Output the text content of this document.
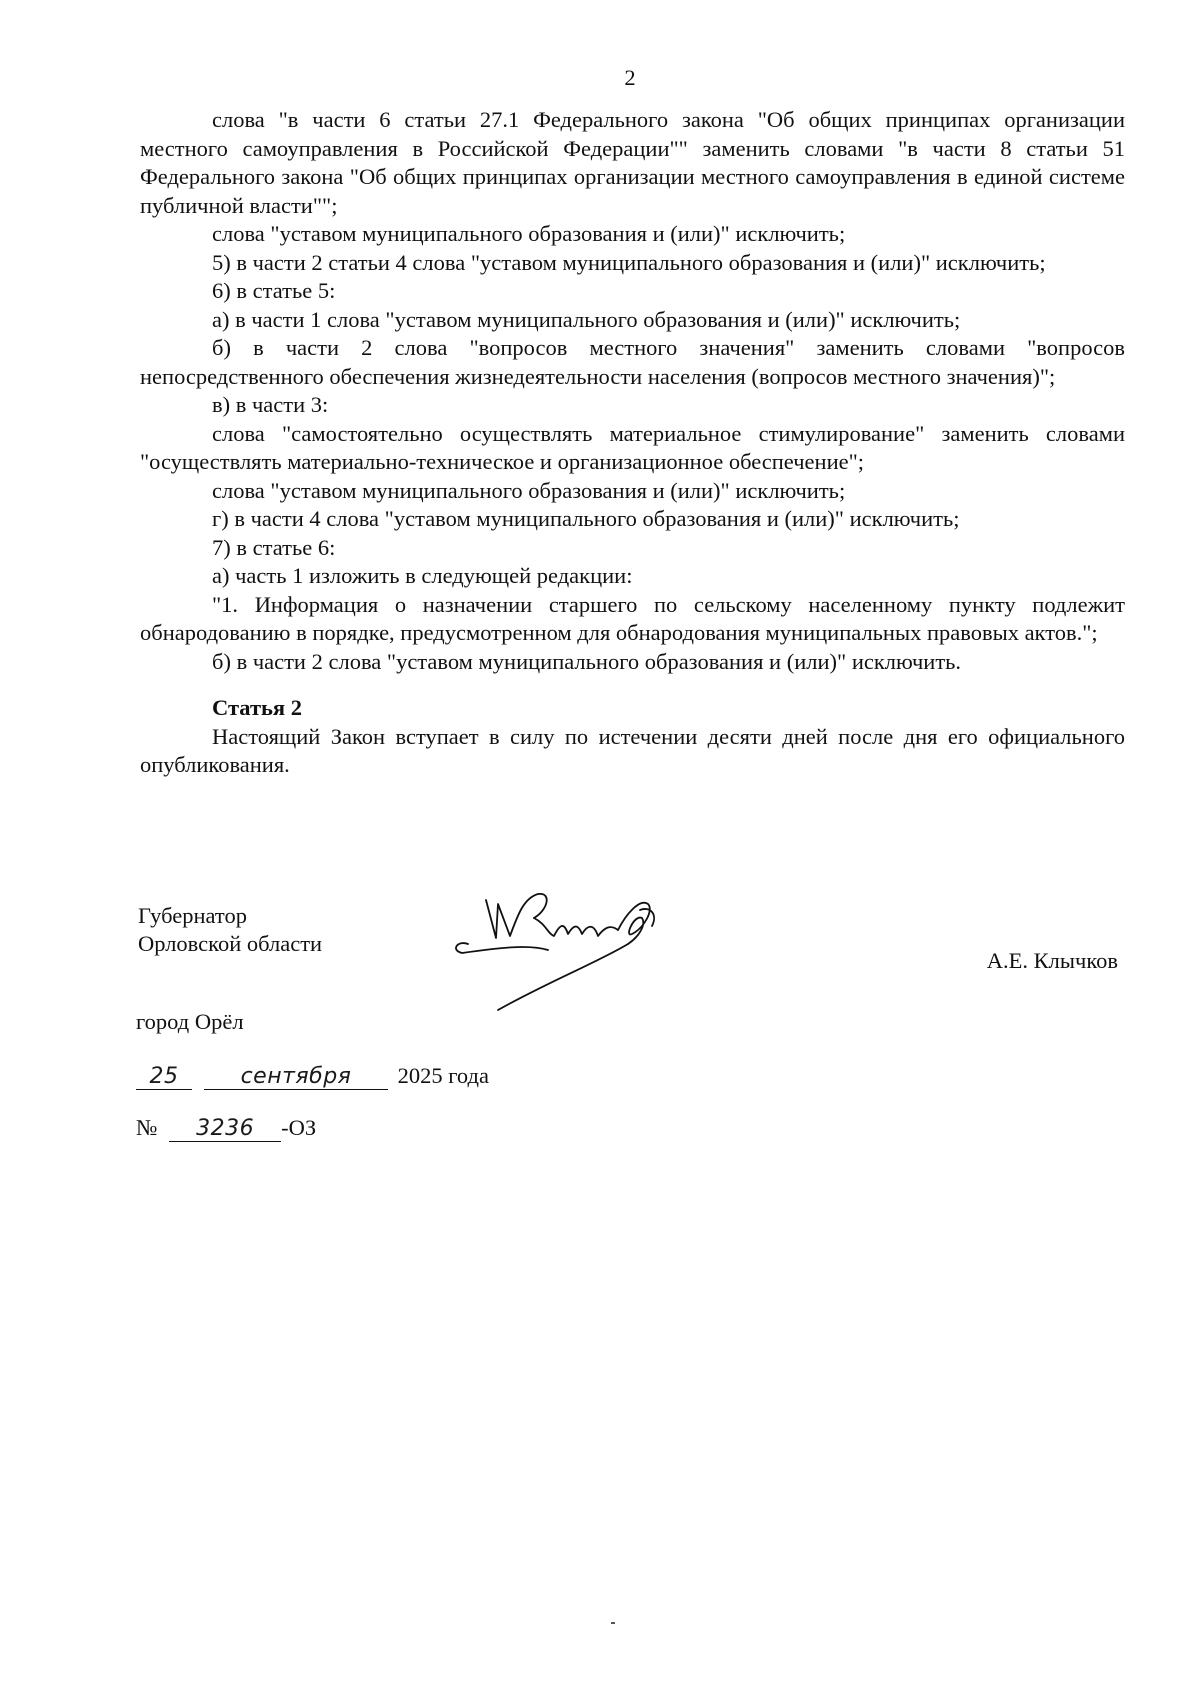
2

слова "в части 6 статьи 27.1 Федерального закона "Об общих принципах организации местного самоуправления в Российской Федерации"" заменить словами "в части 8 статьи 51 Федерального закона "Об общих принципах организации местного самоуправления в единой системе публичной власти"";

слова "уставом муниципального образования и (или)" исключить;

5) в части 2 статьи 4 слова "уставом муниципального образования и (или)" исключить;

6) в статье 5:

а) в части 1 слова "уставом муниципального образования и (или)" исключить;

б) в части 2 слова "вопросов местного значения" заменить словами "вопросов непосредственного обеспечения жизнедеятельности населения (вопросов местного значения)";

в) в части 3:

слова "самостоятельно осуществлять материальное стимулирование" заменить словами "осуществлять материально-техническое и организационное обеспечение";

слова "уставом муниципального образования и (или)" исключить;

г) в части 4 слова "уставом муниципального образования и (или)" исключить;

7) в статье 6:

а) часть 1 изложить в следующей редакции:

"1. Информация о назначении старшего по сельскому населенному пункту подлежит обнародованию в порядке, предусмотренном для обнародования муниципальных правовых актов.";

б) в части 2 слова "уставом муниципального образования и (или)" исключить.

Статья 2

Настоящий Закон вступает в силу по истечении десяти дней после дня его официального опубликования.

Губернатор
Орловской области
А.Е. Клычков
город Орёл
25	сентября 2025 года
№ 3236 -ОЗ
